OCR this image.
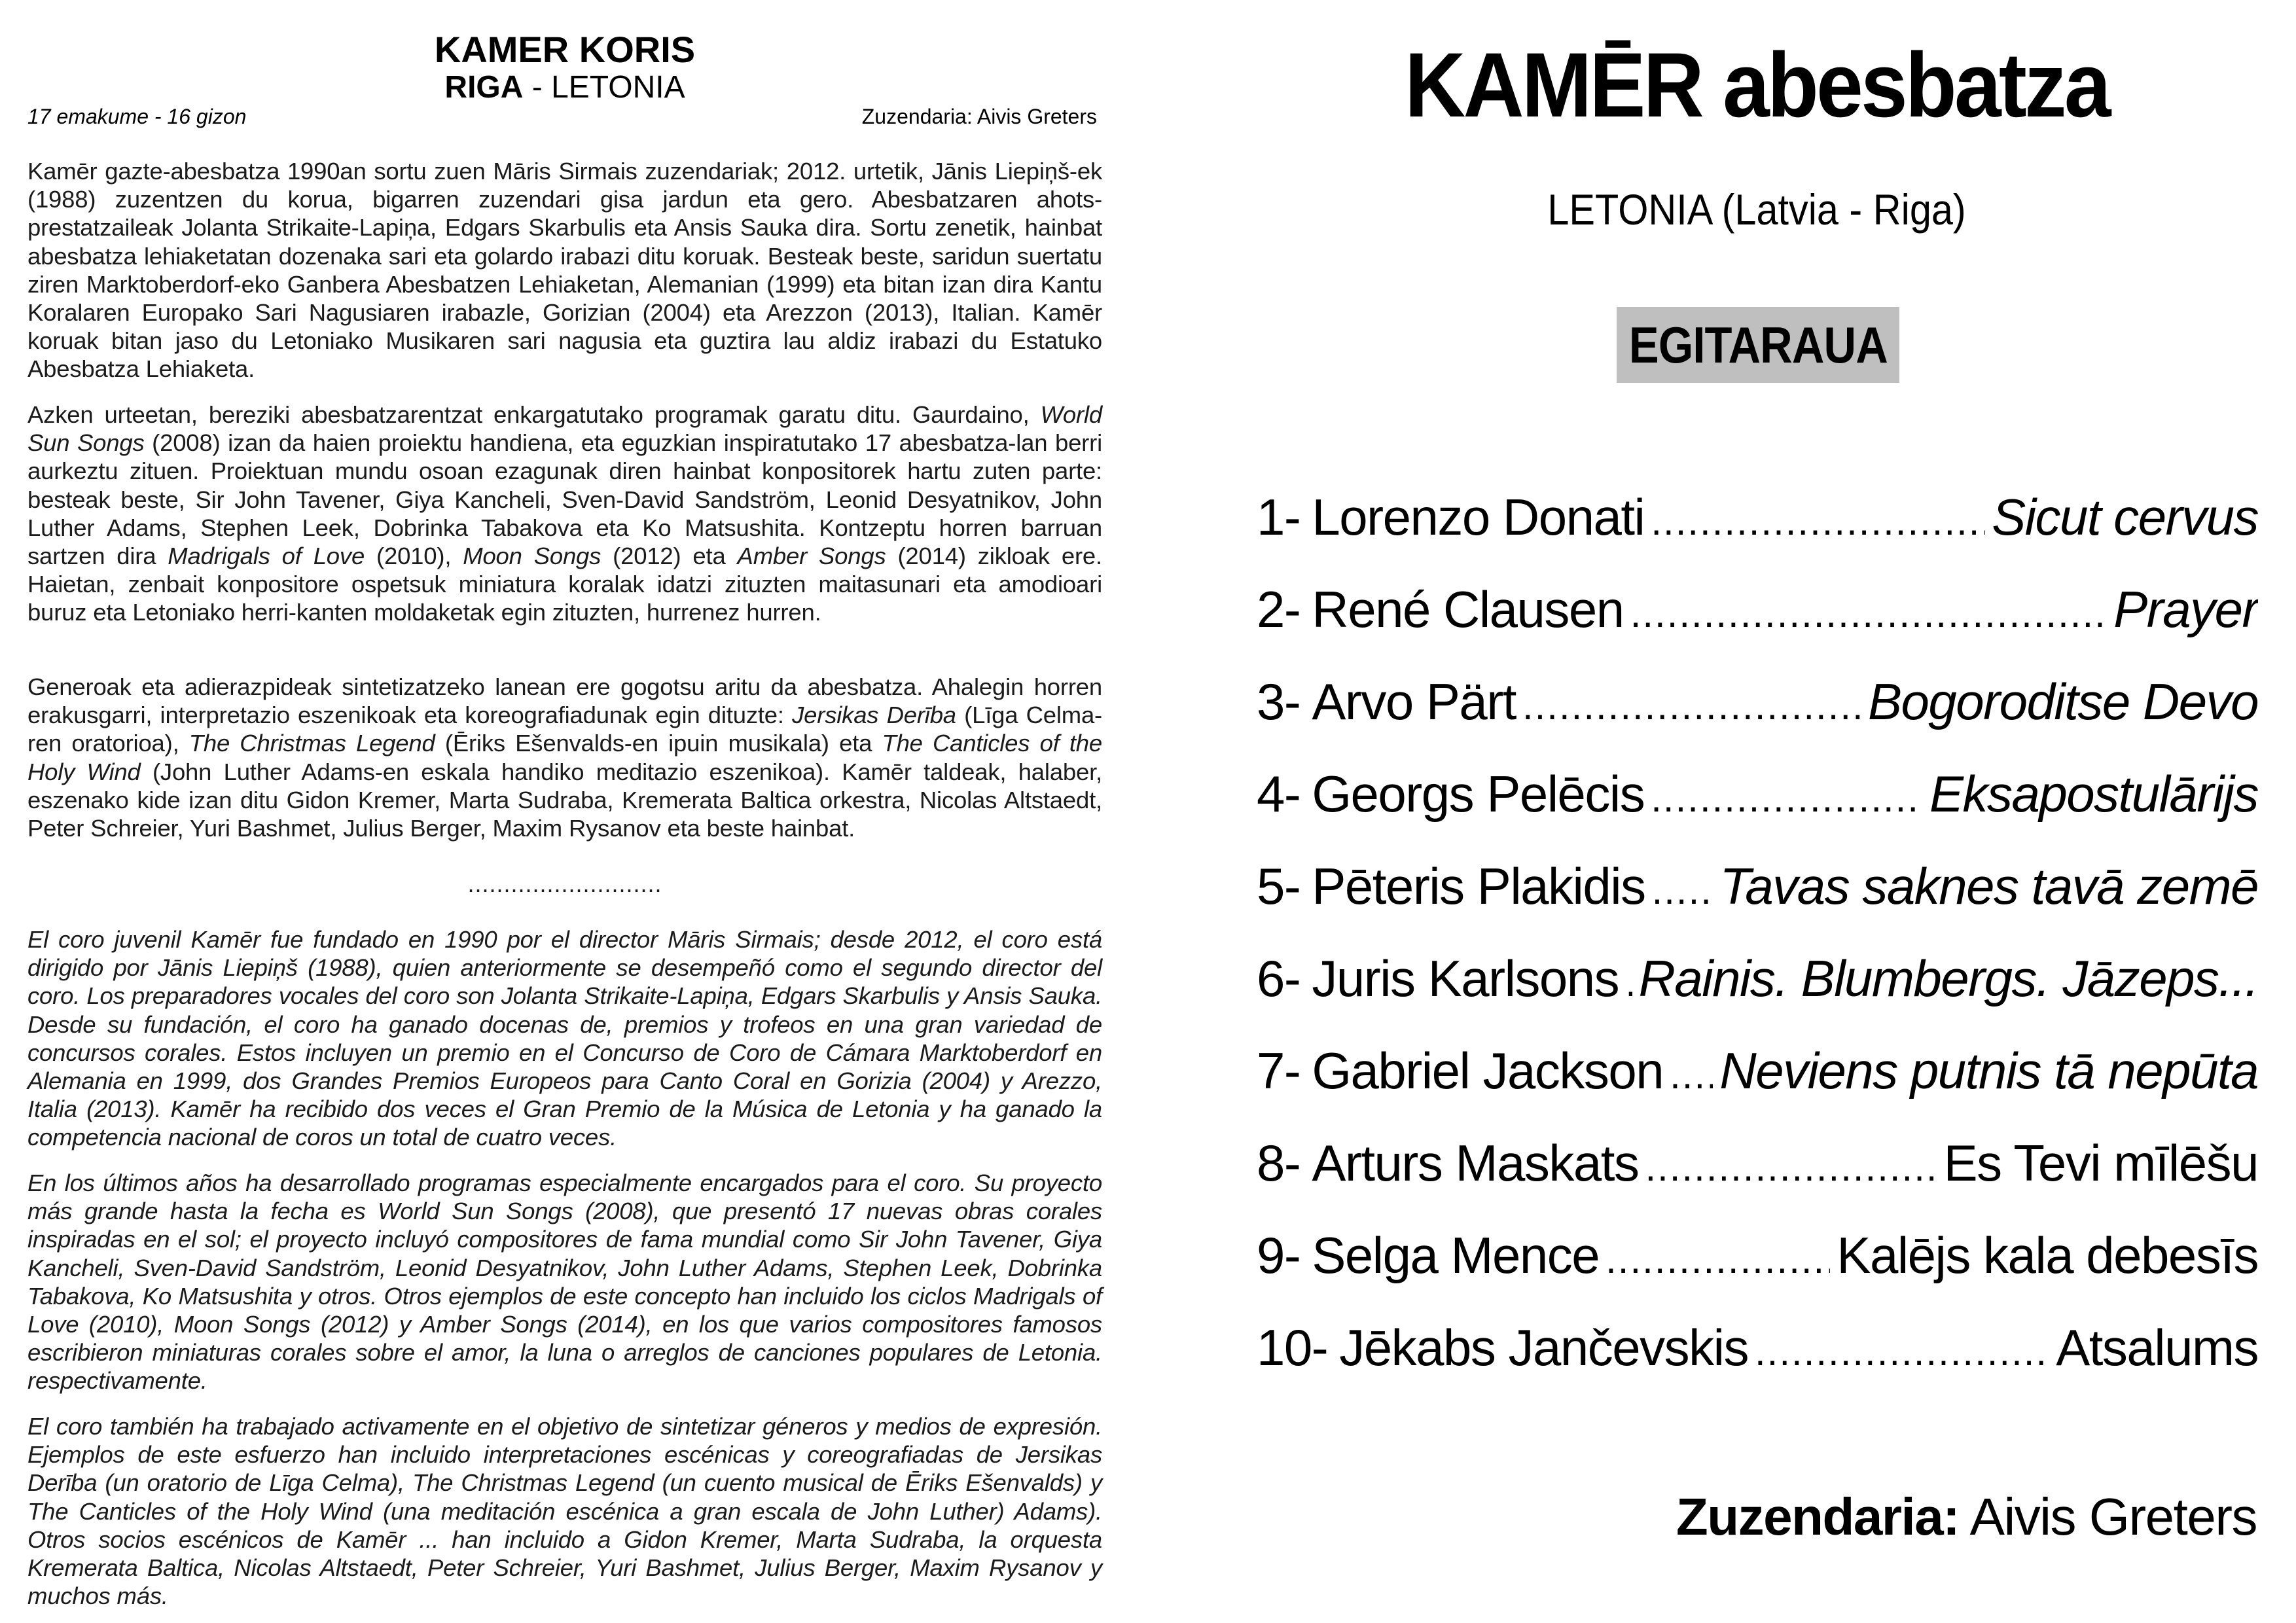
KAMER KORIS
RIGA - LETONIA
17 emakume - 16 gizon	Zuzendaria: Aivis Greters

Kamēr gazte-abesbatza 1990an sortu zuen Māris Sirmais zuzendariak; 2012. urtetik, Jānis Liepiņš-ek (1988) zuzentzen du korua, bigarren zuzendari gisa jardun eta gero. Abesbatzaren ahots-prestatzaileak Jolanta Strikaite-Lapiņa, Edgars Skarbulis eta Ansis Sauka dira. Sortu zenetik, hainbat abesbatza lehiaketatan dozenaka sari eta golardo irabazi ditu koruak. Besteak beste, saridun suertatu ziren Marktoberdorf-eko Ganbera Abesbatzen Lehiaketan, Alemanian (1999) eta bitan izan dira Kantu Koralaren Europako Sari Nagusiaren irabazle, Gorizian (2004) eta Arezzon (2013), Italian. Kamēr koruak bitan jaso du Letoniako Musikaren sari nagusia eta guztira lau aldiz irabazi du Estatuko Abesbatza Lehiaketa.

Azken urteetan, bereziki abesbatzarentzat enkargatutako programak garatu ditu. Gaurdaino, World Sun Songs (2008) izan da haien proiektu handiena, eta eguzkian inspiratutako 17 abesbatza-lan berri aurkeztu zituen. Proiektuan mundu osoan ezagunak diren hainbat konpositorek hartu zuten parte: besteak beste, Sir John Tavener, Giya Kancheli, Sven-David Sandström, Leonid Desyatnikov, John Luther Adams, Stephen Leek, Dobrinka Tabakova eta Ko Matsushita. Kontzeptu horren barruan sartzen dira Madrigals of Love (2010), Moon Songs (2012) eta Amber Songs (2014) zikloak ere. Haietan, zenbait konpositore ospetsuk miniatura koralak idatzi zituzten maitasunari eta amodioari buruz eta Letoniako herri-kanten moldaketak egin zituzten, hurrenez hurren.

Generoak eta adierazpideak sintetizatzeko lanean ere gogotsu aritu da abesbatza. Ahalegin horren erakusgarri, interpretazio eszenikoak eta koreografiadunak egin dituzte: Jersikas Derība (Līga Celma-ren oratorioa), The Christmas Legend (Ēriks Ešenvalds-en ipuin musikala) eta The Canticles of the Holy Wind (John Luther Adams-en eskala handiko meditazio eszenikoa). Kamēr taldeak, halaber, eszenako kide izan ditu Gidon Kremer, Marta Sudraba, Kremerata Baltica orkestra, Nicolas Altstaedt, Peter Schreier, Yuri Bashmet, Julius Berger, Maxim Rysanov eta beste hainbat.

...........................

El coro juvenil Kamēr fue fundado en 1990 por el director Māris Sirmais; desde 2012, el coro está dirigido por Jānis Liepiņš (1988), quien anteriormente se desempeñó como el segundo director del coro. Los preparadores vocales del coro son Jolanta Strikaite-Lapiņa, Edgars Skarbulis y Ansis Sauka. Desde su fundación, el coro ha ganado docenas de, premios y trofeos en una gran variedad de concursos corales. Estos incluyen un premio en el Concurso de Coro de Cámara Marktoberdorf en Alemania en 1999, dos Grandes Premios Europeos para Canto Coral en Gorizia (2004) y Arezzo, Italia (2013). Kamēr ha recibido dos veces el Gran Premio de la Música de Letonia y ha ganado la competencia nacional de coros un total de cuatro veces.

En los últimos años ha desarrollado programas especialmente encargados para el coro. Su proyecto más grande hasta la fecha es World Sun Songs (2008), que presentó 17 nuevas obras corales inspiradas en el sol; el proyecto incluyó compositores de fama mundial como Sir John Tavener, Giya Kancheli, Sven-David Sandström, Leonid Desyatnikov, John Luther Adams, Stephen Leek, Dobrinka Tabakova, Ko Matsushita y otros. Otros ejemplos de este concepto han incluido los ciclos Madrigals of Love (2010), Moon Songs (2012) y Amber Songs (2014), en los que varios compositores famosos escribieron miniaturas corales sobre el amor, la luna o arreglos de canciones populares de Letonia. respectivamente.

El coro también ha trabajado activamente en el objetivo de sintetizar géneros y medios de expresión. Ejemplos de este esfuerzo han incluido interpretaciones escénicas y coreografiadas de Jersikas Derība (un oratorio de Līga Celma), The Christmas Legend (un cuento musical de Ēriks Ešenvalds) y The Canticles of the Holy Wind (una meditación escénica a gran escala de John Luther) Adams). Otros socios escénicos de Kamēr ... han incluido a Gidon Kremer, Marta Sudraba, la orquesta Kremerata Baltica, Nicolas Altstaedt, Peter Schreier, Yuri Bashmet, Julius Berger, Maxim Rysanov y muchos más.

KAMĒR abesbatza
LETONIA (Latvia - Riga)
EGITARAUA
1- Lorenzo Donati .....	Sicut cervus
2- René Clausen .....	Prayer
3- Arvo Pärt .....	Bogoroditse Devo
4- Georgs Pelēcis .....	Eksapostulārijs
5- Pēteris Plakidis ..... Tavas saknes tavā zemē
6- Juris Karlsons ..... Rainis. Blumbergs. Jāzeps...
7- Gabriel Jackson ..... Neviens putnis tā nepūta
8- Arturs Maskats .....	Es Tevi mīlēšu
9- Selga Mence .....	Kalējs kala debesīs
10- Jēkabs Jančevskis .....	Atsalums
Zuzendaria: Aivis Greters
